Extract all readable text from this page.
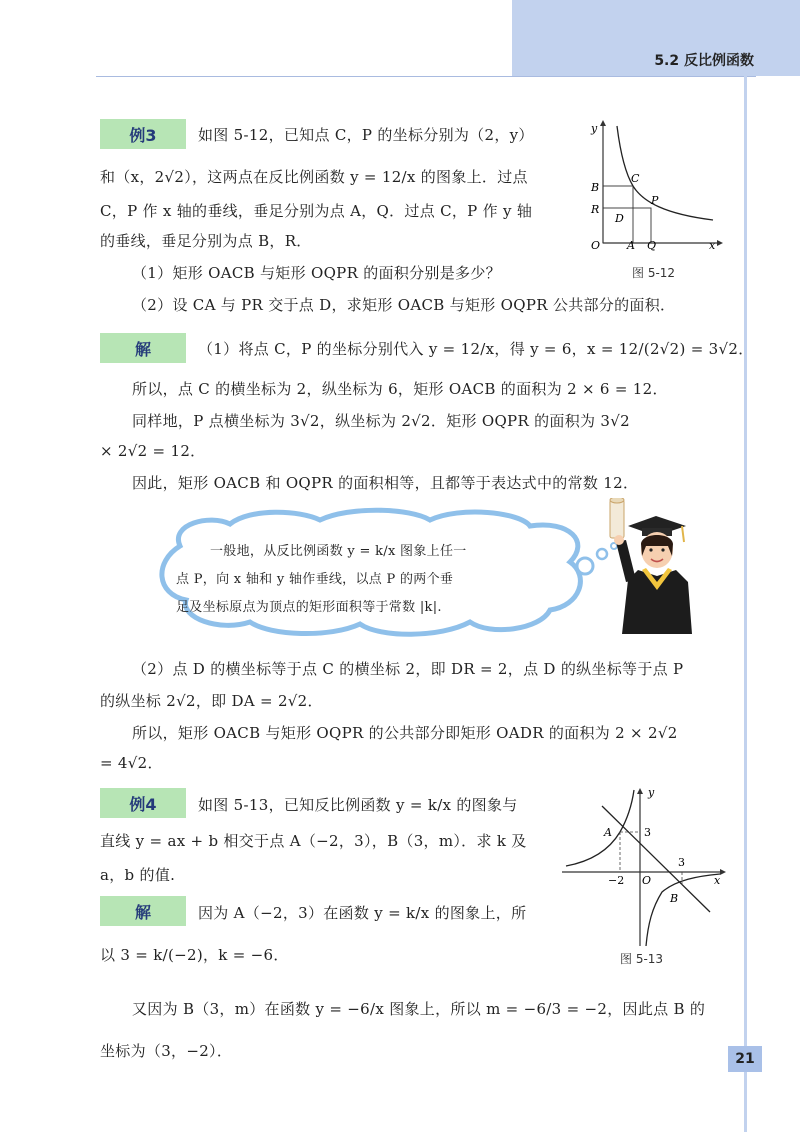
5.2 反比例函数
例3	如图 5-12，已知点 C，P 的坐标分别为（2，y）
和（x，2√2），这两点在反比例函数 y = 12/x 的图象上．过点
C，P 作 x 轴的垂线，垂足分别为点 A，Q．过点 C，P 作 y 轴
的垂线，垂足分别为点 B，R．
（1）矩形 OACB 与矩形 OQPR 的面积分别是多少？
（2）设 CA 与 PR 交于点 D，求矩形 OACB 与矩形 OQPR 公共部分的面积．
y
B
C
R
D
P
O A Q	x
图 5-12
解	（1）将点 C，P 的坐标分别代入 y = 12/x，得 y = 6，x = 12/(2√2) = 3√2．
所以，点 C 的横坐标为 2，纵坐标为 6，矩形 OACB 的面积为 2 × 6 = 12．
同样地，P 点横坐标为 3√2，纵坐标为 2√2．矩形 OQPR 的面积为 3√2
× 2√2 = 12．
因此，矩形 OACB 和 OQPR 的面积相等，且都等于表达式中的常数 12．
一般地，从反比例函数 y = k/x 图象上任一
点 P，向 x 轴和 y 轴作垂线，以点 P 的两个垂
足及坐标原点为顶点的矩形面积等于常数 |k|.
（2）点 D 的横坐标等于点 C 的横坐标 2，即 DR = 2，点 D 的纵坐标等于点 P
的纵坐标 2√2，即 DA = 2√2．
所以，矩形 OACB 与矩形 OQPR 的公共部分即矩形 OADR 的面积为 2 × 2√2
= 4√2．
例4	如图 5-13，已知反比例函数 y = k/x 的图象与
直线 y = ax + b 相交于点 A（−2，3），B（3，m）．求 k 及
a，b 的值.
y
A	3
−2 O
3
x
B
图 5-13
解	因为 A（−2，3）在函数 y = k/x 的图象上，所
以 3 = k/(−2)，k = −6．
又因为 B（3，m）在函数 y = −6/x 图象上，所以 m = −6/3 = −2，因此点 B 的
坐标为（3，−2）．	21
